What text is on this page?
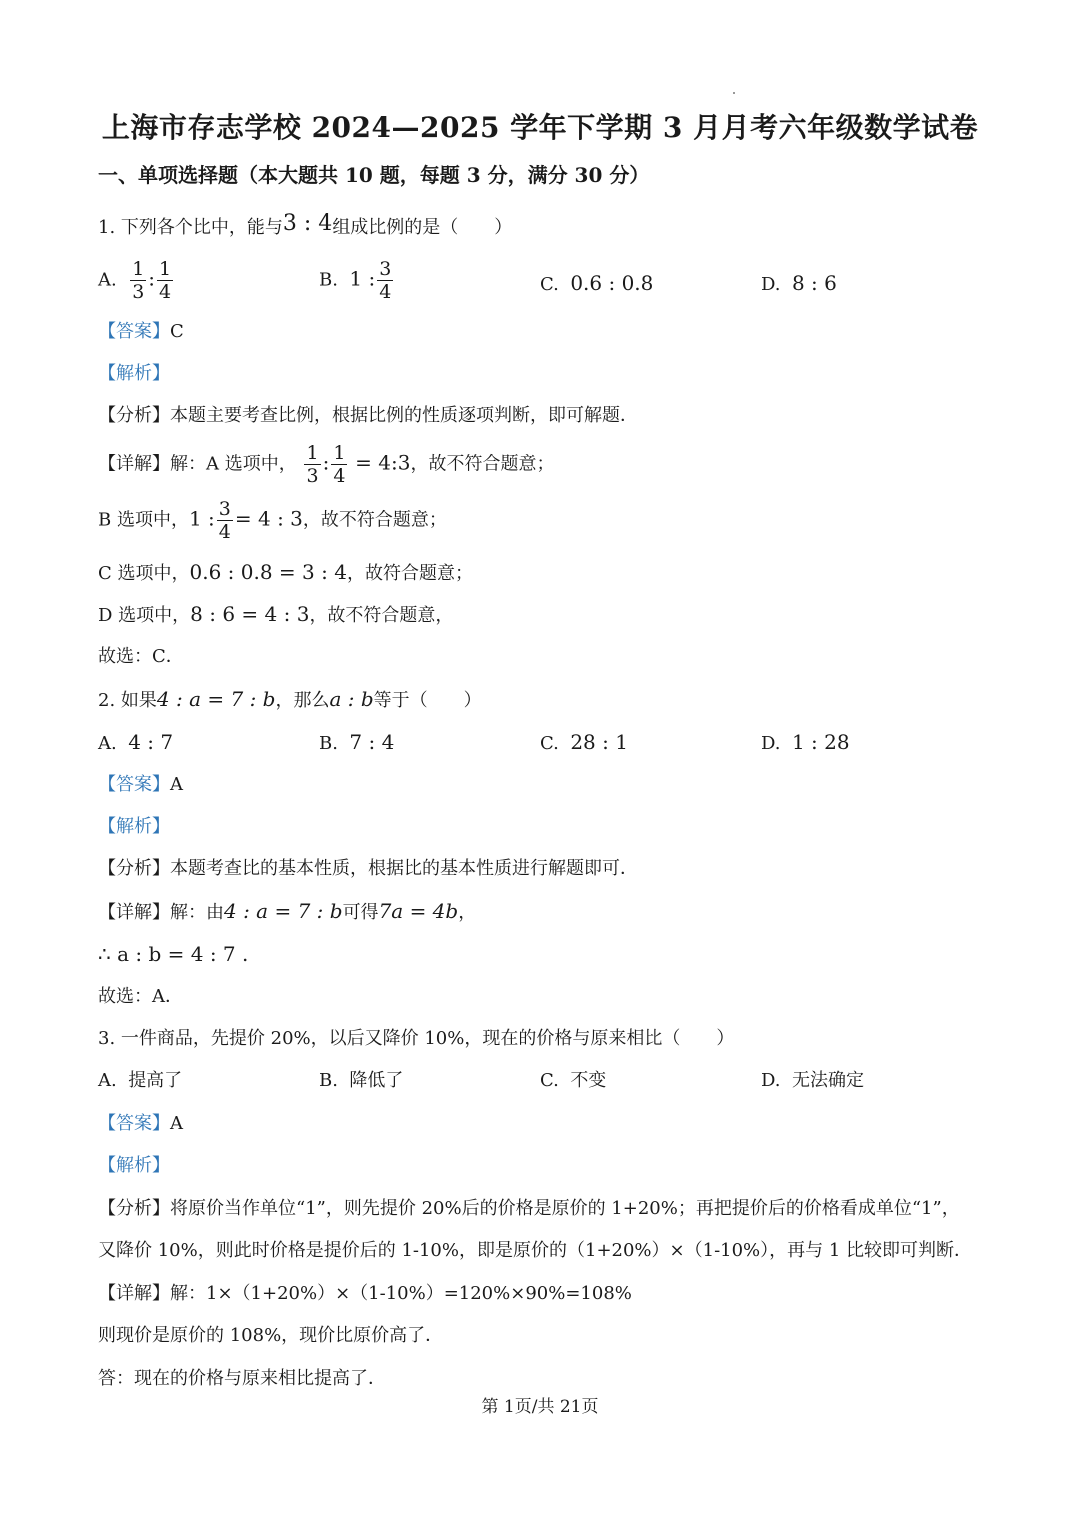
上海市存志学校 2024—2025 学年下学期 3 月月考六年级数学试卷
一、单项选择题（本大题共 10 题，每题 3 分，满分 30 分）
1. 下列各个比中，能与3 : 4组成比例的是（　　）
A. $\frac{1}{3}$ : $\frac{1}{4}$	B. 1 : $\frac{3}{4}$	C. 0.6 : 0.8	D. 8 : 6
【答案】C
【解析】
【分析】本题主要考查比例，根据比例的性质逐项判断，即可解题．
【详解】解：A 选项中， $\frac{1}{3}$ : $\frac{1}{4}$ = 4:3，故不符合题意；
B 选项中，1 : $\frac{3}{4} = 4$ : 3，故不符合题意；
C 选项中，0.6 : 0.8 = 3 : 4，故符合题意；
D 选项中，8 : 6 = 4 : 3，故不符合题意，
故选：C．
2. 如果4 : a = 7 : b，那么a : b等于（　　）
A. 4 : 7	B. 7 : 4	C. 28 : 1	D. 1 : 28
【答案】A
【解析】
【分析】本题考查比的基本性质，根据比的基本性质进行解题即可．
【详解】解：由4 : a = 7 : b可得7a = 4b，
∴ a : b = 4 : 7 .
故选：A．
3. 一件商品，先提价 20%，以后又降价 10%，现在的价格与原来相比（　　）
A. 提高了	B. 降低了	C. 不变	D. 无法确定
【答案】A
【解析】
【分析】将原价当作单位“1”，则先提价 20%后的价格是原价的 1+20%；再把提价后的价格看成单位“1”，
又降价 10%，则此时价格是提价后的 1-10%，即是原价的（1+20%）×（1-10%），再与 1 比较即可判断．
【详解】解：1×（1+20%）×（1-10%）=120%×90%=108%
则现价是原价的 108%，现价比原价高了．
答：现在的价格与原来相比提高了．
第 1页/共 21页
